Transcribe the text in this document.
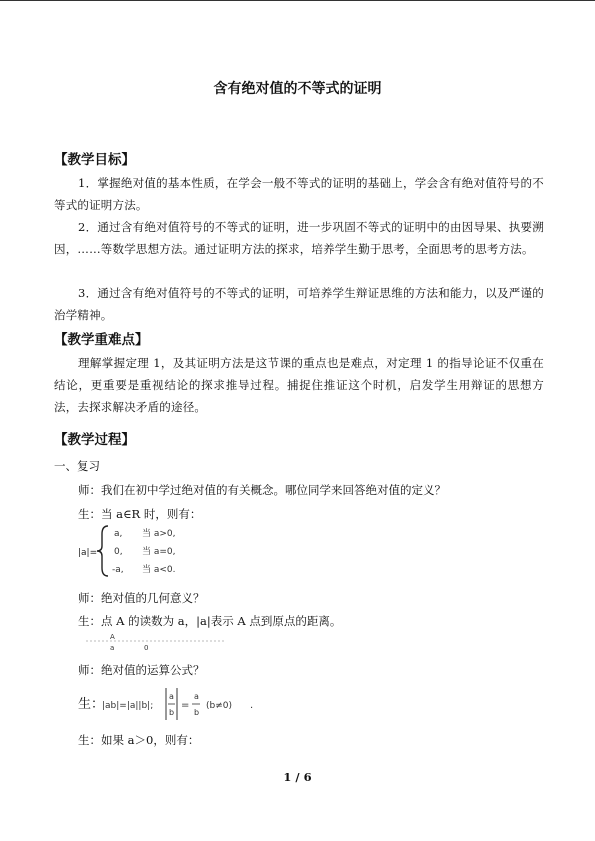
含有绝对值的不等式的证明
【教学目标】
1．掌握绝对值的基本性质，在学会一般不等式的证明的基础上，学会含有绝对值符号的不等式的证明方法。
2．通过含有绝对值符号的不等式的证明，进一步巩固不等式的证明中的由因导果、执要溯因，……等数学思想方法。通过证明方法的探求，培养学生勤于思考，全面思考的思考方法。
3．通过含有绝对值符号的不等式的证明，可培养学生辩证思维的方法和能力，以及严谨的治学精神。
【教学重难点】
理解掌握定理 1，及其证明方法是这节课的重点也是难点，对定理 1 的指导论证不仅重在结论，更重要是重视结论的探求推导过程。捕捉住推证这个时机，启发学生用辩证的思想方法，去探求解决矛盾的途径。
【教学过程】
一、复习
师：我们在初中学过绝对值的有关概念。哪位同学来回答绝对值的定义？
生：当 a∈R 时，则有：
|a|=
a, 当 a>0,
0, 当 a=0,
-a, 当 a<0.
师：绝对值的几何意义？
生：点 A 的读数为 a，|a|表示 A 点到原点的距离。
A
a	0
师：绝对值的运算公式？
生：
|ab|=|a||b|;
a
b
=
a
b
(b≠0) .
生：如果 a＞0，则有：
1 / 6
